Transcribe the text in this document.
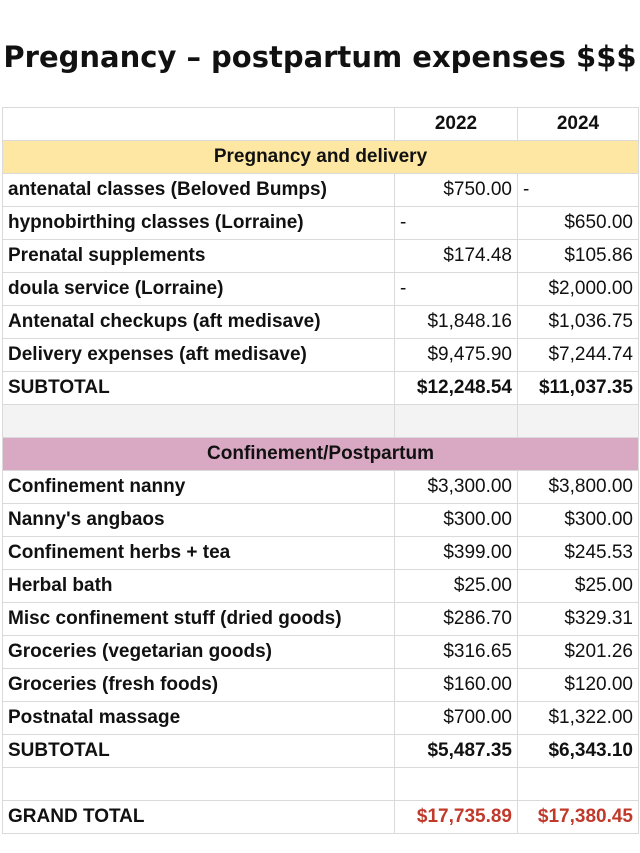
Pregnancy – postpartum expenses $$$
	2022	2024
Pregnancy and delivery		
antenatal classes (Beloved Bumps)	$750.00	-
hypnobirthing classes (Lorraine)	-	$650.00
Prenatal supplements	$174.48	$105.86
doula service (Lorraine)	-	$2,000.00
Antenatal checkups (aft medisave)	$1,848.16	$1,036.75
Delivery expenses (aft medisave)	$9,475.90	$7,244.74
SUBTOTAL	$12,248.54	$11,037.35

Confinement/Postpartum		
Confinement nanny	$3,300.00	$3,800.00
Nanny's angbaos	$300.00	$300.00
Confinement herbs + tea	$399.00	$245.53
Herbal bath	$25.00	$25.00
Misc confinement stuff (dried goods)	$286.70	$329.31
Groceries (vegetarian goods)	$316.65	$201.26
Groceries (fresh foods)	$160.00	$120.00
Postnatal massage	$700.00	$1,322.00
SUBTOTAL	$5,487.35	$6,343.10

GRAND TOTAL	$17,735.89	$17,380.45
